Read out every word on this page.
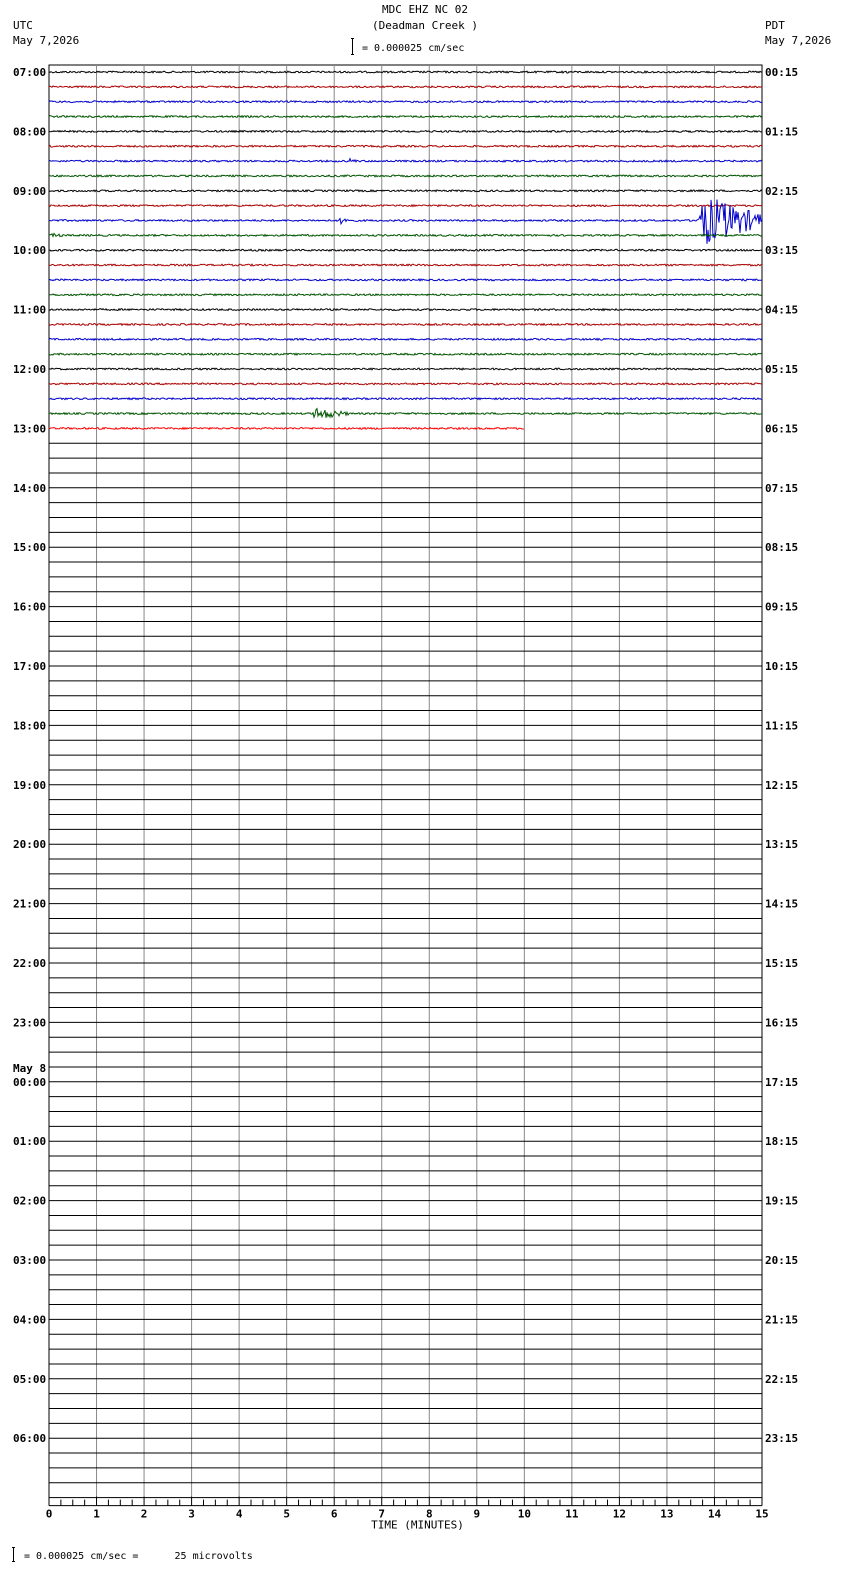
MDC EHZ NC 02
(Deadman Creek )
= 0.000025 cm/sec
UTC
May 7,2026
PDT
May 7,2026
07:00
08:00
09:00
10:00
11:00
12:00
13:00
14:00
15:00
16:00
17:00
18:00
19:00
20:00
21:00
22:00
23:00
00:00
01:00
02:00
03:00
04:00
05:00
06:00
00:15
01:15
02:15
03:15
04:15
05:15
06:15
07:15
08:15
09:15
10:15
11:15
12:15
13:15
14:15
15:15
16:15
17:15
18:15
19:15
20:15
21:15
22:15
23:15
May 8
0	1	2	3	4	5	6	7	8	9	10	11	12	13	14	15
TIME (MINUTES)
= 0.000025 cm/sec =      25 microvolts
